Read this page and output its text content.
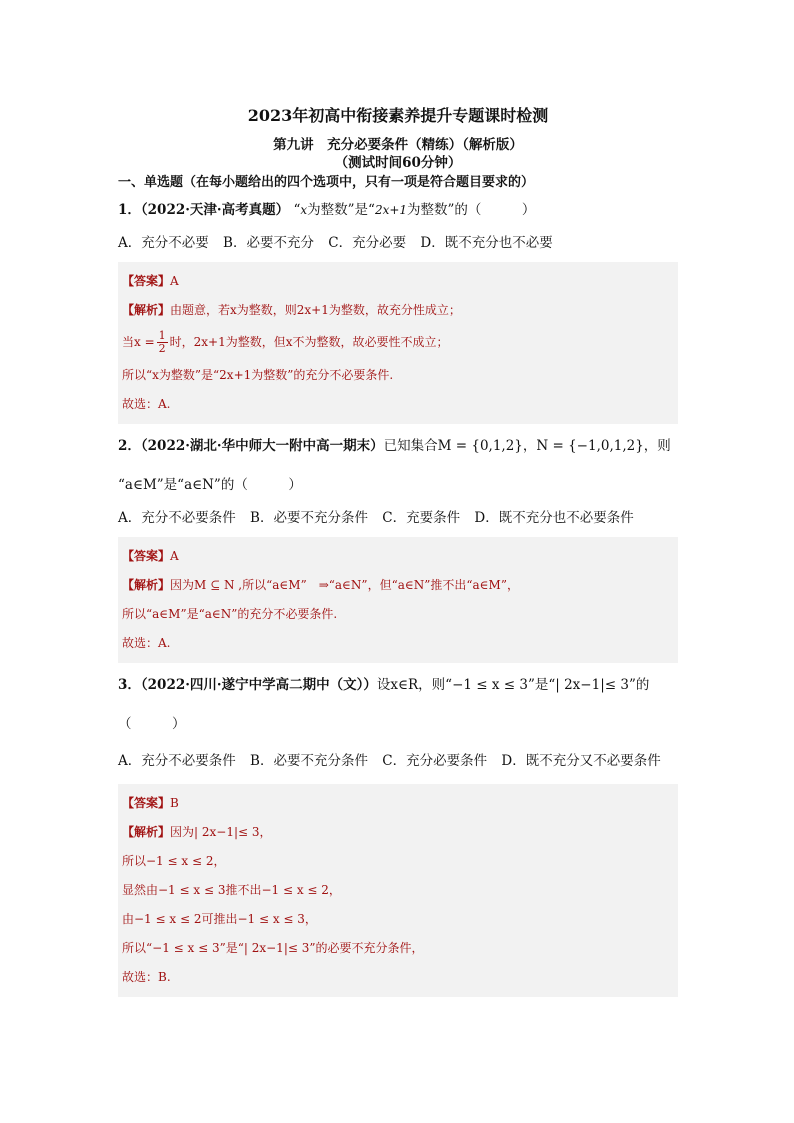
2023年初高中衔接素养提升专题课时检测
第九讲　充分必要条件（精练）（解析版）
（测试时间60分钟）
一、单选题（在每小题给出的四个选项中，只有一项是符合题目要求的）
1．（2022·天津·高考真题） “x为整数”是“2x+1为整数”的（　　　）
A．充分不必要 B．必要不充分 C．充分必要 D．既不充分也不必要
【答案】A
【解析】由题意，若x为整数，则2x+1为整数，故充分性成立；
当$x = \frac{1}{2}$ 时，2x+1为整数，但x不为整数，故必要性不成立；
所以“x为整数”是“2x+1为整数”的充分不必要条件.
故选：A.
2．（2022·湖北·华中师大一附中高一期末）已知集合M = {0,1,2}，N = {−1,0,1,2}，则
“a∈M”是“a∈N”的（　　　）
A．充分不必要条件 B．必要不充分条件 C．充要条件 D．既不充分也不必要条件
【答案】A
【解析】因为M ⊆ N ,所以“a∈M”　⇒“a∈N”，但“a∈N”推不出“a∈M”，
所以“a∈M”是“a∈N”的充分不必要条件.
故选：A.
3．（2022·四川·遂宁中学高二期中（文））设x∈R，则“−1 ≤ x ≤ 3”是“| 2x−1|≤ 3”的
（　　　）
A．充分不必要条件 B．必要不充分条件 C．充分必要条件 D．既不充分又不必要条件
【答案】B
【解析】因为| 2x−1|≤ 3，
所以−1 ≤ x ≤ 2，
显然由−1 ≤ x ≤ 3推不出−1 ≤ x ≤ 2，
由−1 ≤ x ≤ 2可推出−1 ≤ x ≤ 3，
所以“−1 ≤ x ≤ 3”是“| 2x−1|≤ 3”的必要不充分条件，
故选：B.
